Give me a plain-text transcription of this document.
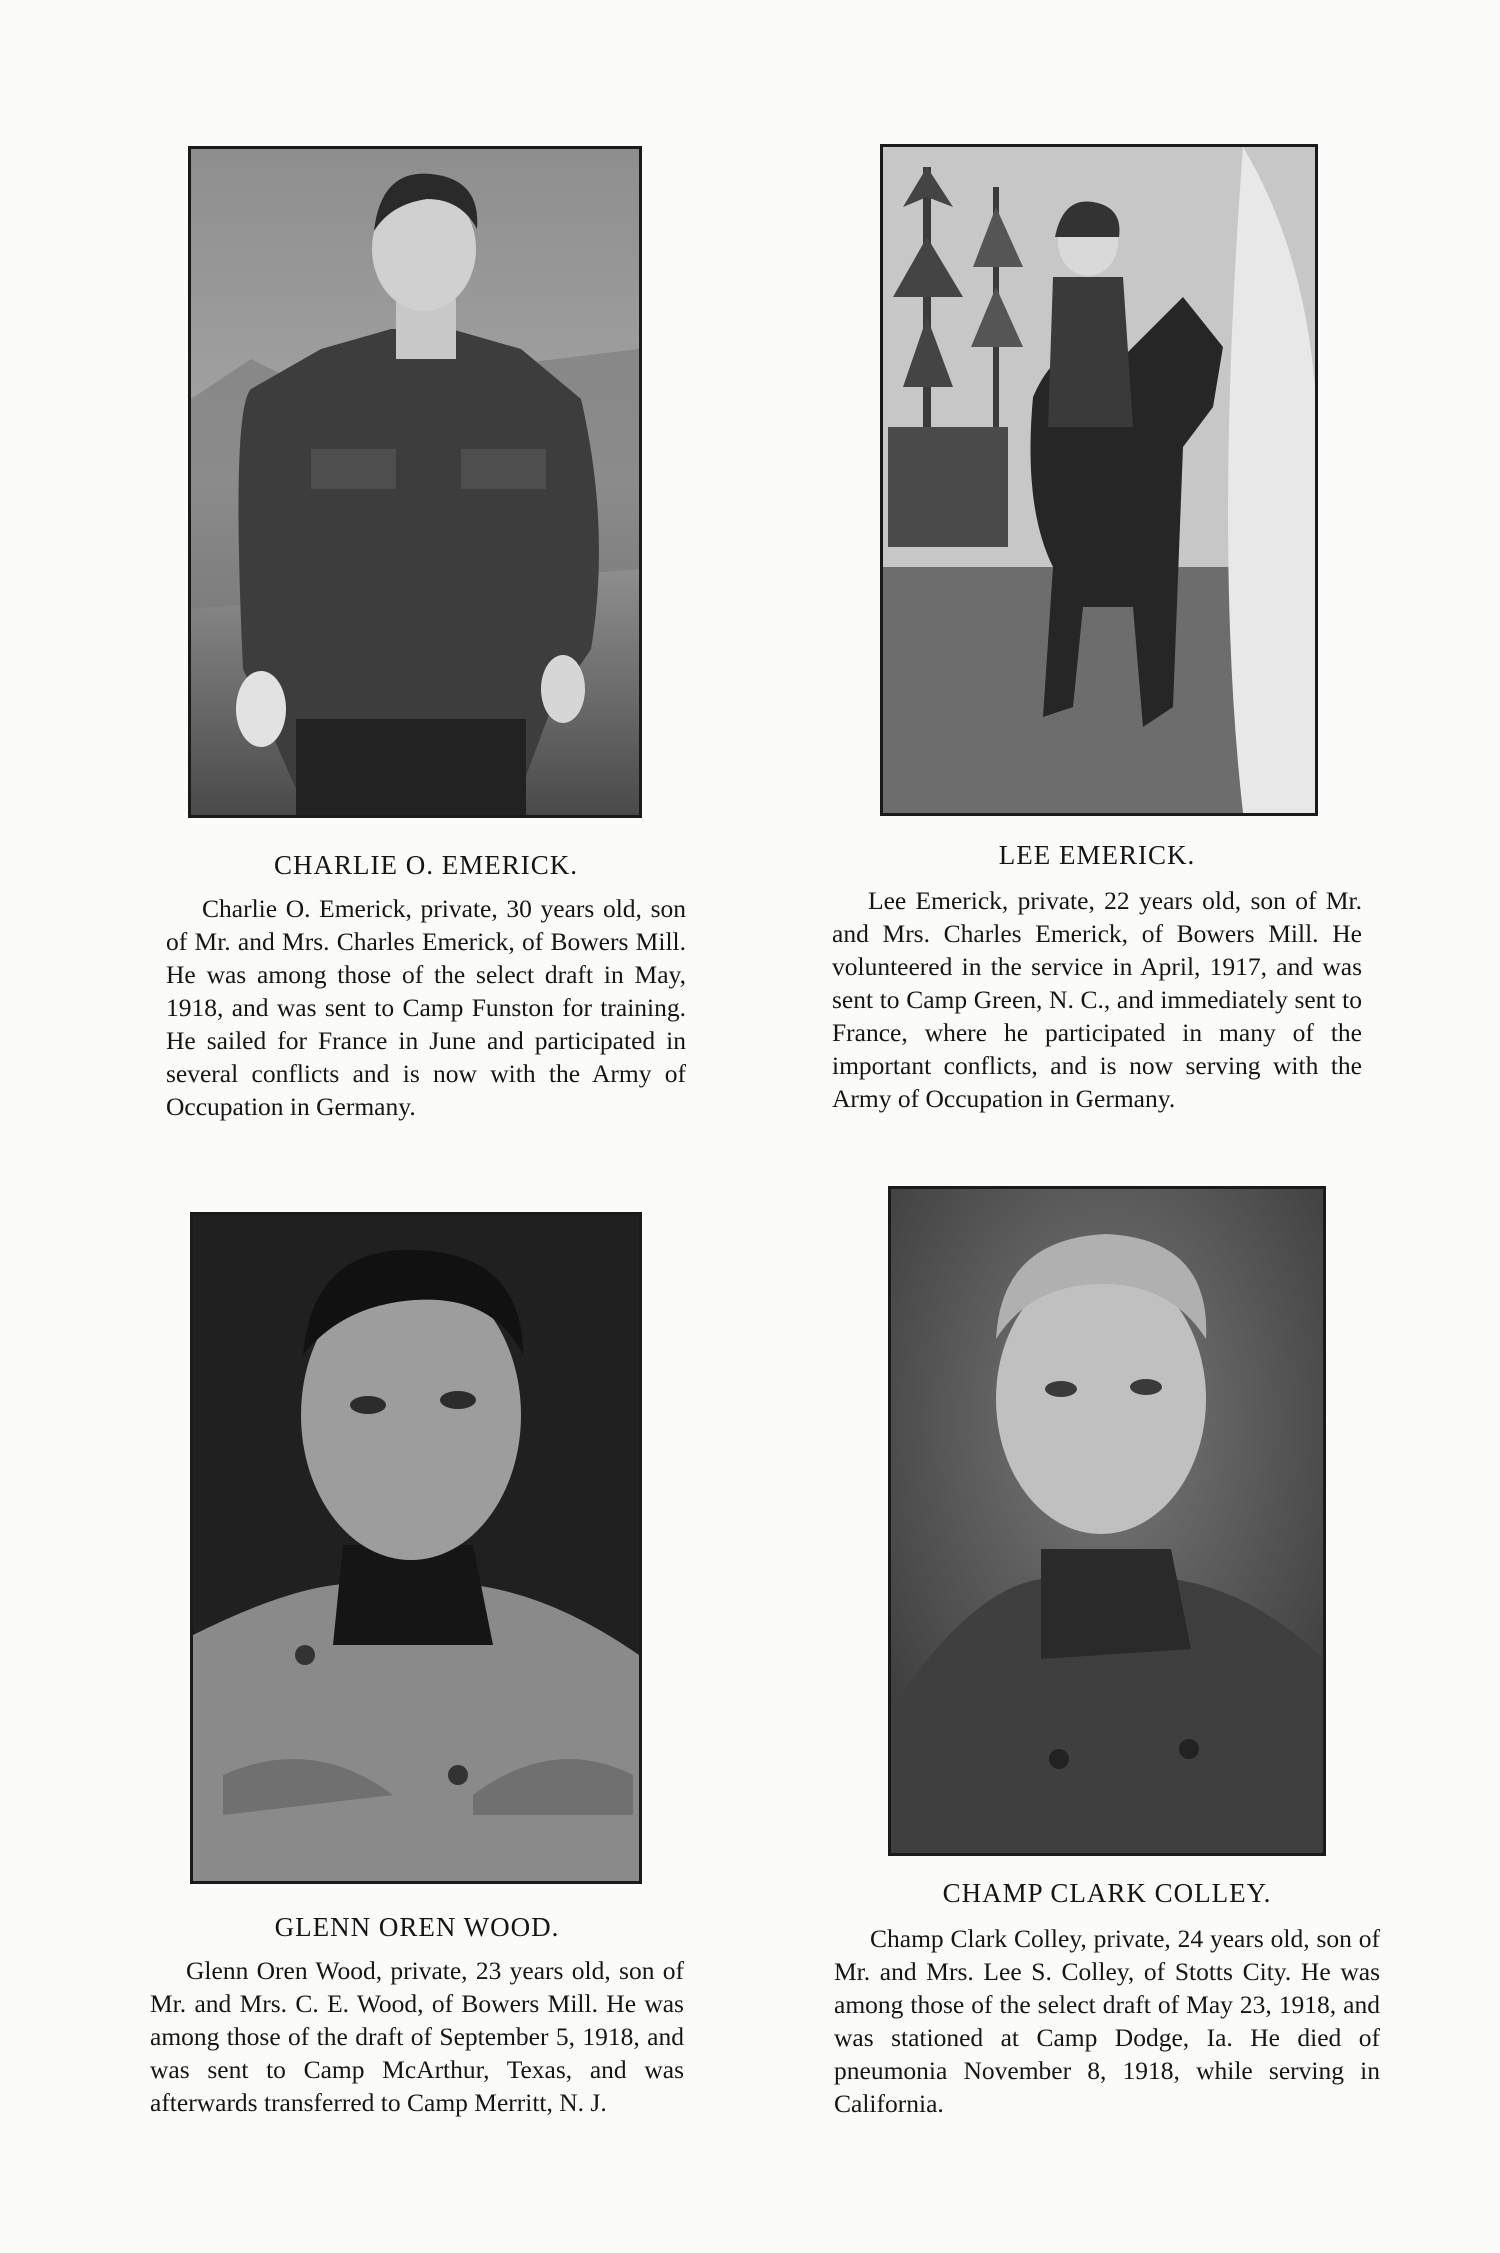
CHARLIE O. EMERICK.

Charlie O. Emerick, private, 30 years old, son of Mr. and Mrs. Charles Emerick, of Bowers Mill. He was among those of the select draft in May, 1918, and was sent to Camp Funston for training. He sailed for France in June and participated in several conflicts and is now with the Army of Occupation in Germany.

LEE EMERICK.

Lee Emerick, private, 22 years old, son of Mr. and Mrs. Charles Emerick, of Bowers Mill. He volunteered in the service in April, 1917, and was sent to Camp Green, N. C., and immediately sent to France, where he participated in many of the important conflicts, and is now serving with the Army of Occupation in Germany.

GLENN OREN WOOD.

Glenn Oren Wood, private, 23 years old, son of Mr. and Mrs. C. E. Wood, of Bowers Mill. He was among those of the draft of September 5, 1918, and was sent to Camp McArthur, Texas, and was afterwards transferred to Camp Merritt, N. J.

CHAMP CLARK COLLEY.

Champ Clark Colley, private, 24 years old, son of Mr. and Mrs. Lee S. Colley, of Stotts City. He was among those of the select draft of May 23, 1918, and was stationed at Camp Dodge, Ia. He died of pneumonia November 8, 1918, while serving in California.
